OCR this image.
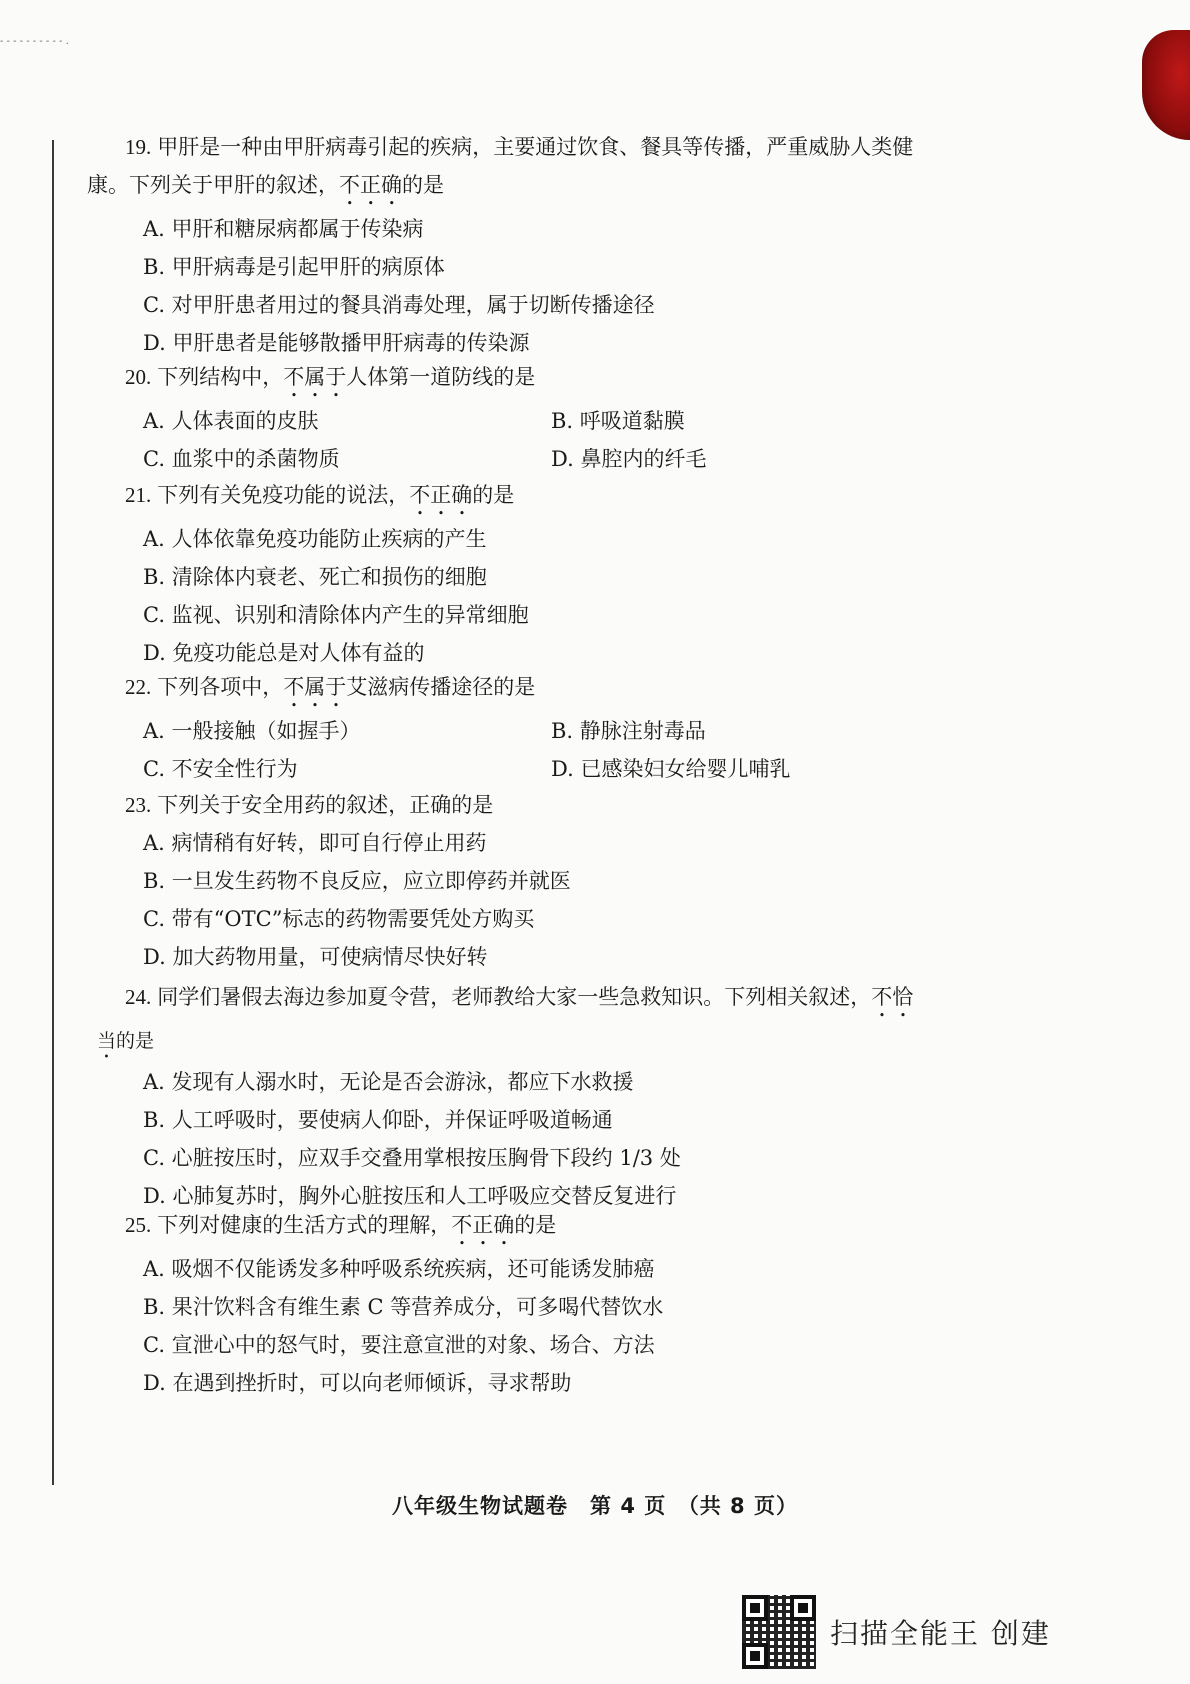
- - - - - - - - - - .
19. 甲肝是一种由甲肝病毒引起的疾病，主要通过饮食、餐具等传播，严重威胁人类健
康。下列关于甲肝的叙述，不正确的是
A. 甲肝和糖尿病都属于传染病
B. 甲肝病毒是引起甲肝的病原体
C. 对甲肝患者用过的餐具消毒处理，属于切断传播途径
D. 甲肝患者是能够散播甲肝病毒的传染源
20. 下列结构中，不属于人体第一道防线的是
A. 人体表面的皮肤	B. 呼吸道黏膜
C. 血浆中的杀菌物质	D. 鼻腔内的纤毛
21. 下列有关免疫功能的说法，不正确的是
A. 人体依靠免疫功能防止疾病的产生
B. 清除体内衰老、死亡和损伤的细胞
C. 监视、识别和清除体内产生的异常细胞
D. 免疫功能总是对人体有益的
22. 下列各项中，不属于艾滋病传播途径的是
A. 一般接触（如握手）	B. 静脉注射毒品
C. 不安全性行为	D. 已感染妇女给婴儿哺乳
23. 下列关于安全用药的叙述，正确的是
A. 病情稍有好转，即可自行停止用药
B. 一旦发生药物不良反应，应立即停药并就医
C. 带有“OTC”标志的药物需要凭处方购买
D. 加大药物用量，可使病情尽快好转
24. 同学们暑假去海边参加夏令营，老师教给大家一些急救知识。下列相关叙述，不恰
当的是
A. 发现有人溺水时，无论是否会游泳，都应下水救援
B. 人工呼吸时，要使病人仰卧，并保证呼吸道畅通
C. 心脏按压时，应双手交叠用掌根按压胸骨下段约 1/3 处
D. 心肺复苏时，胸外心脏按压和人工呼吸应交替反复进行
25. 下列对健康的生活方式的理解，不正确的是
A. 吸烟不仅能诱发多种呼吸系统疾病，还可能诱发肺癌
B. 果汁饮料含有维生素 C 等营养成分，可多喝代替饮水
C. 宣泄心中的怒气时，要注意宣泄的对象、场合、方法
D. 在遇到挫折时，可以向老师倾诉，寻求帮助
八年级生物试题卷　第 4 页　（共 8 页）
扫描全能王 创建
